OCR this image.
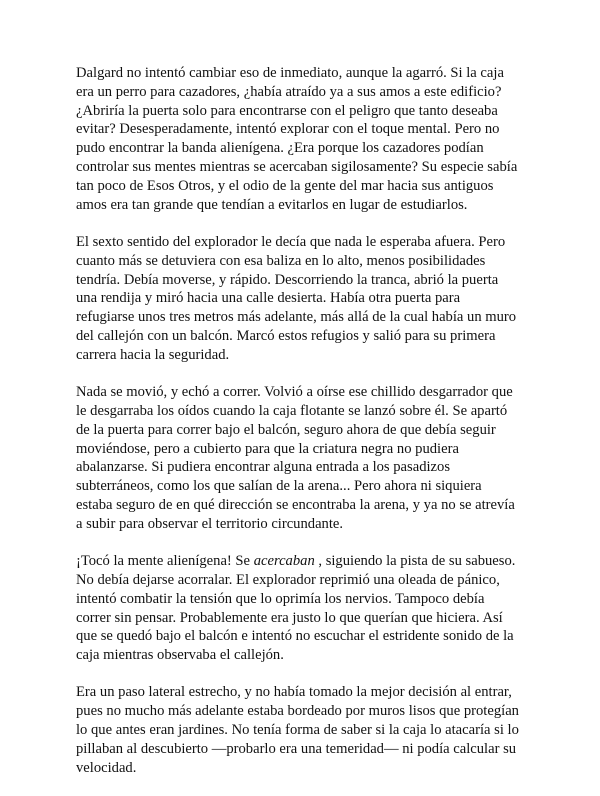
Dalgard no intentó cambiar eso de inmediato, aunque la agarró. Si la caja
era un perro para cazadores, ¿había atraído ya a sus amos a este edificio?
¿Abriría la puerta solo para encontrarse con el peligro que tanto deseaba
evitar? Desesperadamente, intentó explorar con el toque mental. Pero no
pudo encontrar la banda alienígena. ¿Era porque los cazadores podían
controlar sus mentes mientras se acercaban sigilosamente? Su especie sabía
tan poco de Esos Otros, y el odio de la gente del mar hacia sus antiguos
amos era tan grande que tendían a evitarlos en lugar de estudiarlos.

El sexto sentido del explorador le decía que nada le esperaba afuera. Pero
cuanto más se detuviera con esa baliza en lo alto, menos posibilidades
tendría. Debía moverse, y rápido. Descorriendo la tranca, abrió la puerta
una rendija y miró hacia una calle desierta. Había otra puerta para
refugiarse unos tres metros más adelante, más allá de la cual había un muro
del callejón con un balcón. Marcó estos refugios y salió para su primera
carrera hacia la seguridad.

Nada se movió, y echó a correr. Volvió a oírse ese chillido desgarrador que
le desgarraba los oídos cuando la caja flotante se lanzó sobre él. Se apartó
de la puerta para correr bajo el balcón, seguro ahora de que debía seguir
moviéndose, pero a cubierto para que la criatura negra no pudiera
abalanzarse. Si pudiera encontrar alguna entrada a los pasadizos
subterráneos, como los que salían de la arena... Pero ahora ni siquiera
estaba seguro de en qué dirección se encontraba la arena, y ya no se atrevía
a subir para observar el territorio circundante.

¡Tocó la mente alienígena! Se acercaban , siguiendo la pista de su sabueso.
No debía dejarse acorralar. El explorador reprimió una oleada de pánico,
intentó combatir la tensión que lo oprimía los nervios. Tampoco debía
correr sin pensar. Probablemente era justo lo que querían que hiciera. Así
que se quedó bajo el balcón e intentó no escuchar el estridente sonido de la
caja mientras observaba el callejón.

Era un paso lateral estrecho, y no había tomado la mejor decisión al entrar,
pues no mucho más adelante estaba bordeado por muros lisos que protegían
lo que antes eran jardines. No tenía forma de saber si la caja lo atacaría si lo
pillaban al descubierto —probarlo era una temeridad— ni podía calcular su
velocidad.
